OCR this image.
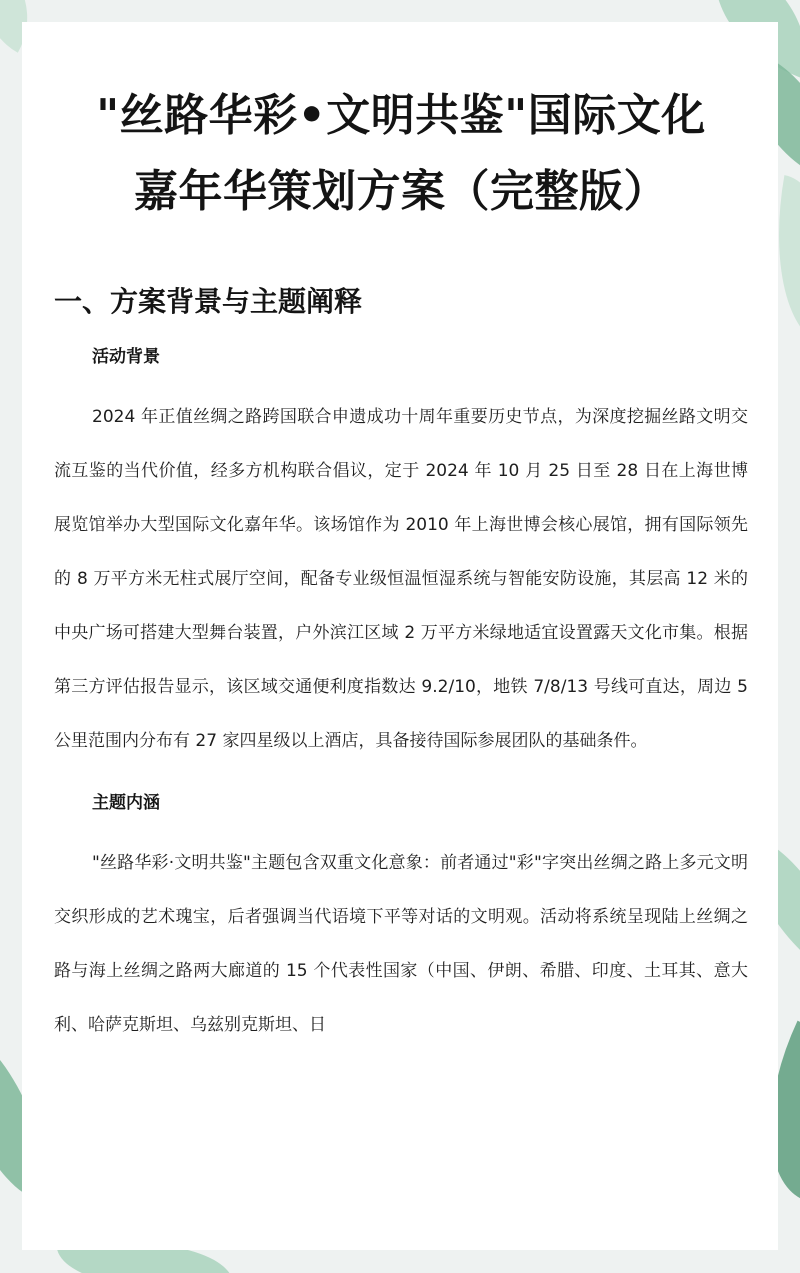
"丝路华彩•文明共鉴"国际文化
嘉年华策划方案（完整版）
一、方案背景与主题阐释
活动背景

2024 年正值丝绸之路跨国联合申遗成功十周年重要历史节点，为深度挖掘丝路文明交流互鉴的当代价值，经多方机构联合倡议，定于 2024 年 10 月 25 日至 28 日在上海世博展览馆举办大型国际文化嘉年华。该场馆作为 2010 年上海世博会核心展馆，拥有国际领先的 8 万平方米无柱式展厅空间，配备专业级恒温恒湿系统与智能安防设施，其层高 12 米的中央广场可搭建大型舞台装置，户外滨江区域 2 万平方米绿地适宜设置露天文化市集。根据第三方评估报告显示，该区域交通便利度指数达 9.2/10，地铁 7/8/13 号线可直达，周边 5 公里范围内分布有 27 家四星级以上酒店，具备接待国际参展团队的基础条件。

主题内涵

"丝路华彩·文明共鉴"主题包含双重文化意象：前者通过"彩"字突出丝绸之路上多元文明交织形成的艺术瑰宝，后者强调当代语境下平等对话的文明观。活动将系统呈现陆上丝绸之路与海上丝绸之路两大廊道的 15 个代表性国家（中国、伊朗、希腊、印度、土耳其、意大利、哈萨克斯坦、乌兹别克斯坦、日
